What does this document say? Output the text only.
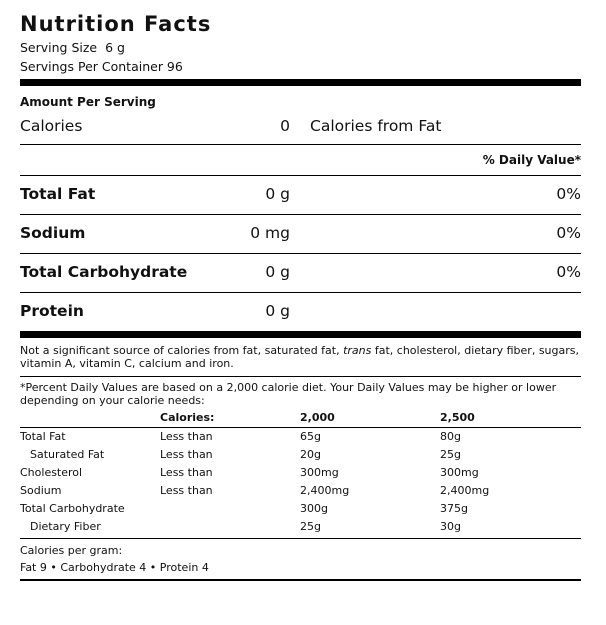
Nutrition Facts
Serving Size  6 g
Servings Per Container 96
Amount Per Serving
Calories	0 Calories from Fat
% Daily Value*
Total Fat	0 g	0%
Sodium	0 mg	0%
Total Carbohydrate	0 g	0%
Protein	0 g
Not a significant source of calories from fat, saturated fat, trans fat, cholesterol, dietary fiber, sugars, vitamin A, vitamin C, calcium and iron.
*Percent Daily Values are based on a 2,000 calorie diet. Your Daily Values may be higher or lower depending on your calorie needs:
	Calories:	2,000	2,500
Total Fat	Less than	65g	80g
Saturated Fat	Less than	20g	25g
Cholesterol	Less than	300mg	300mg
Sodium	Less than	2,400mg	2,400mg
Total Carbohydrate		300g	375g
Dietary Fiber		25g	30g
Calories per gram:
Fat 9 • Carbohydrate 4 • Protein 4
